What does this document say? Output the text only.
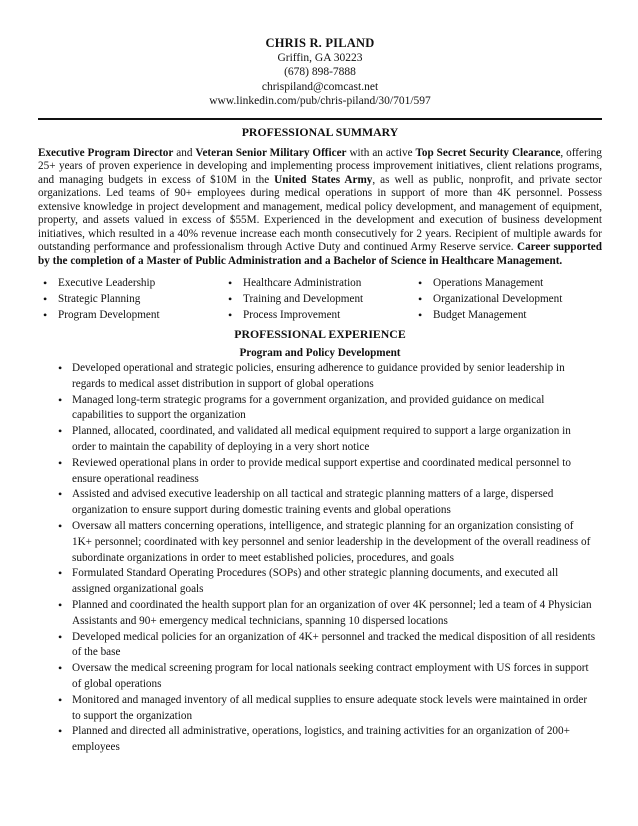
CHRIS R. PILAND
Griffin, GA 30223
(678) 898-7888
chrispiland@comcast.net
www.linkedin.com/pub/chris-piland/30/701/597
PROFESSIONAL SUMMARY
Executive Program Director and Veteran Senior Military Officer with an active Top Secret Security Clearance, offering 25+ years of proven experience in developing and implementing process improvement initiatives, client relations programs, and managing budgets in excess of $10M in the United States Army, as well as public, nonprofit, and private sector organizations. Led teams of 90+ employees during medical operations in support of more than 4K personnel. Possess extensive knowledge in project development and management, medical policy development, and management of equipment, property, and assets valued in excess of $55M. Experienced in the development and execution of business development initiatives, which resulted in a 40% revenue increase each month consecutively for 2 years. Recipient of multiple awards for outstanding performance and professionalism through Active Duty and continued Army Reserve service. Career supported by the completion of a Master of Public Administration and a Bachelor of Science in Healthcare Management.
• Executive Leadership
• Strategic Planning
• Program Development
• Healthcare Administration
• Training and Development
• Process Improvement
• Operations Management
• Organizational Development
• Budget Management
PROFESSIONAL EXPERIENCE
Program and Policy Development
• Developed operational and strategic policies, ensuring adherence to guidance provided by senior leadership in regards to medical asset distribution in support of global operations
• Managed long-term strategic programs for a government organization, and provided guidance on medical capabilities to support the organization
• Planned, allocated, coordinated, and validated all medical equipment required to support a large organization in order to maintain the capability of deploying in a very short notice
• Reviewed operational plans in order to provide medical support expertise and coordinated medical personnel to ensure operational readiness
• Assisted and advised executive leadership on all tactical and strategic planning matters of a large, dispersed organization to ensure support during domestic training events and global operations
• Oversaw all matters concerning operations, intelligence, and strategic planning for an organization consisting of 1K+ personnel; coordinated with key personnel and senior leadership in the development of the overall readiness of subordinate organizations in order to meet established policies, procedures, and goals
• Formulated Standard Operating Procedures (SOPs) and other strategic planning documents, and executed all assigned organizational goals
• Planned and coordinated the health support plan for an organization of over 4K personnel; led a team of 4 Physician Assistants and 90+ emergency medical technicians, spanning 10 dispersed locations
• Developed medical policies for an organization of 4K+ personnel and tracked the medical disposition of all residents of the base
• Oversaw the medical screening program for local nationals seeking contract employment with US forces in support of global operations
• Monitored and managed inventory of all medical supplies to ensure adequate stock levels were maintained in order to support the organization
• Planned and directed all administrative, operations, logistics, and training activities for an organization of 200+ employees
